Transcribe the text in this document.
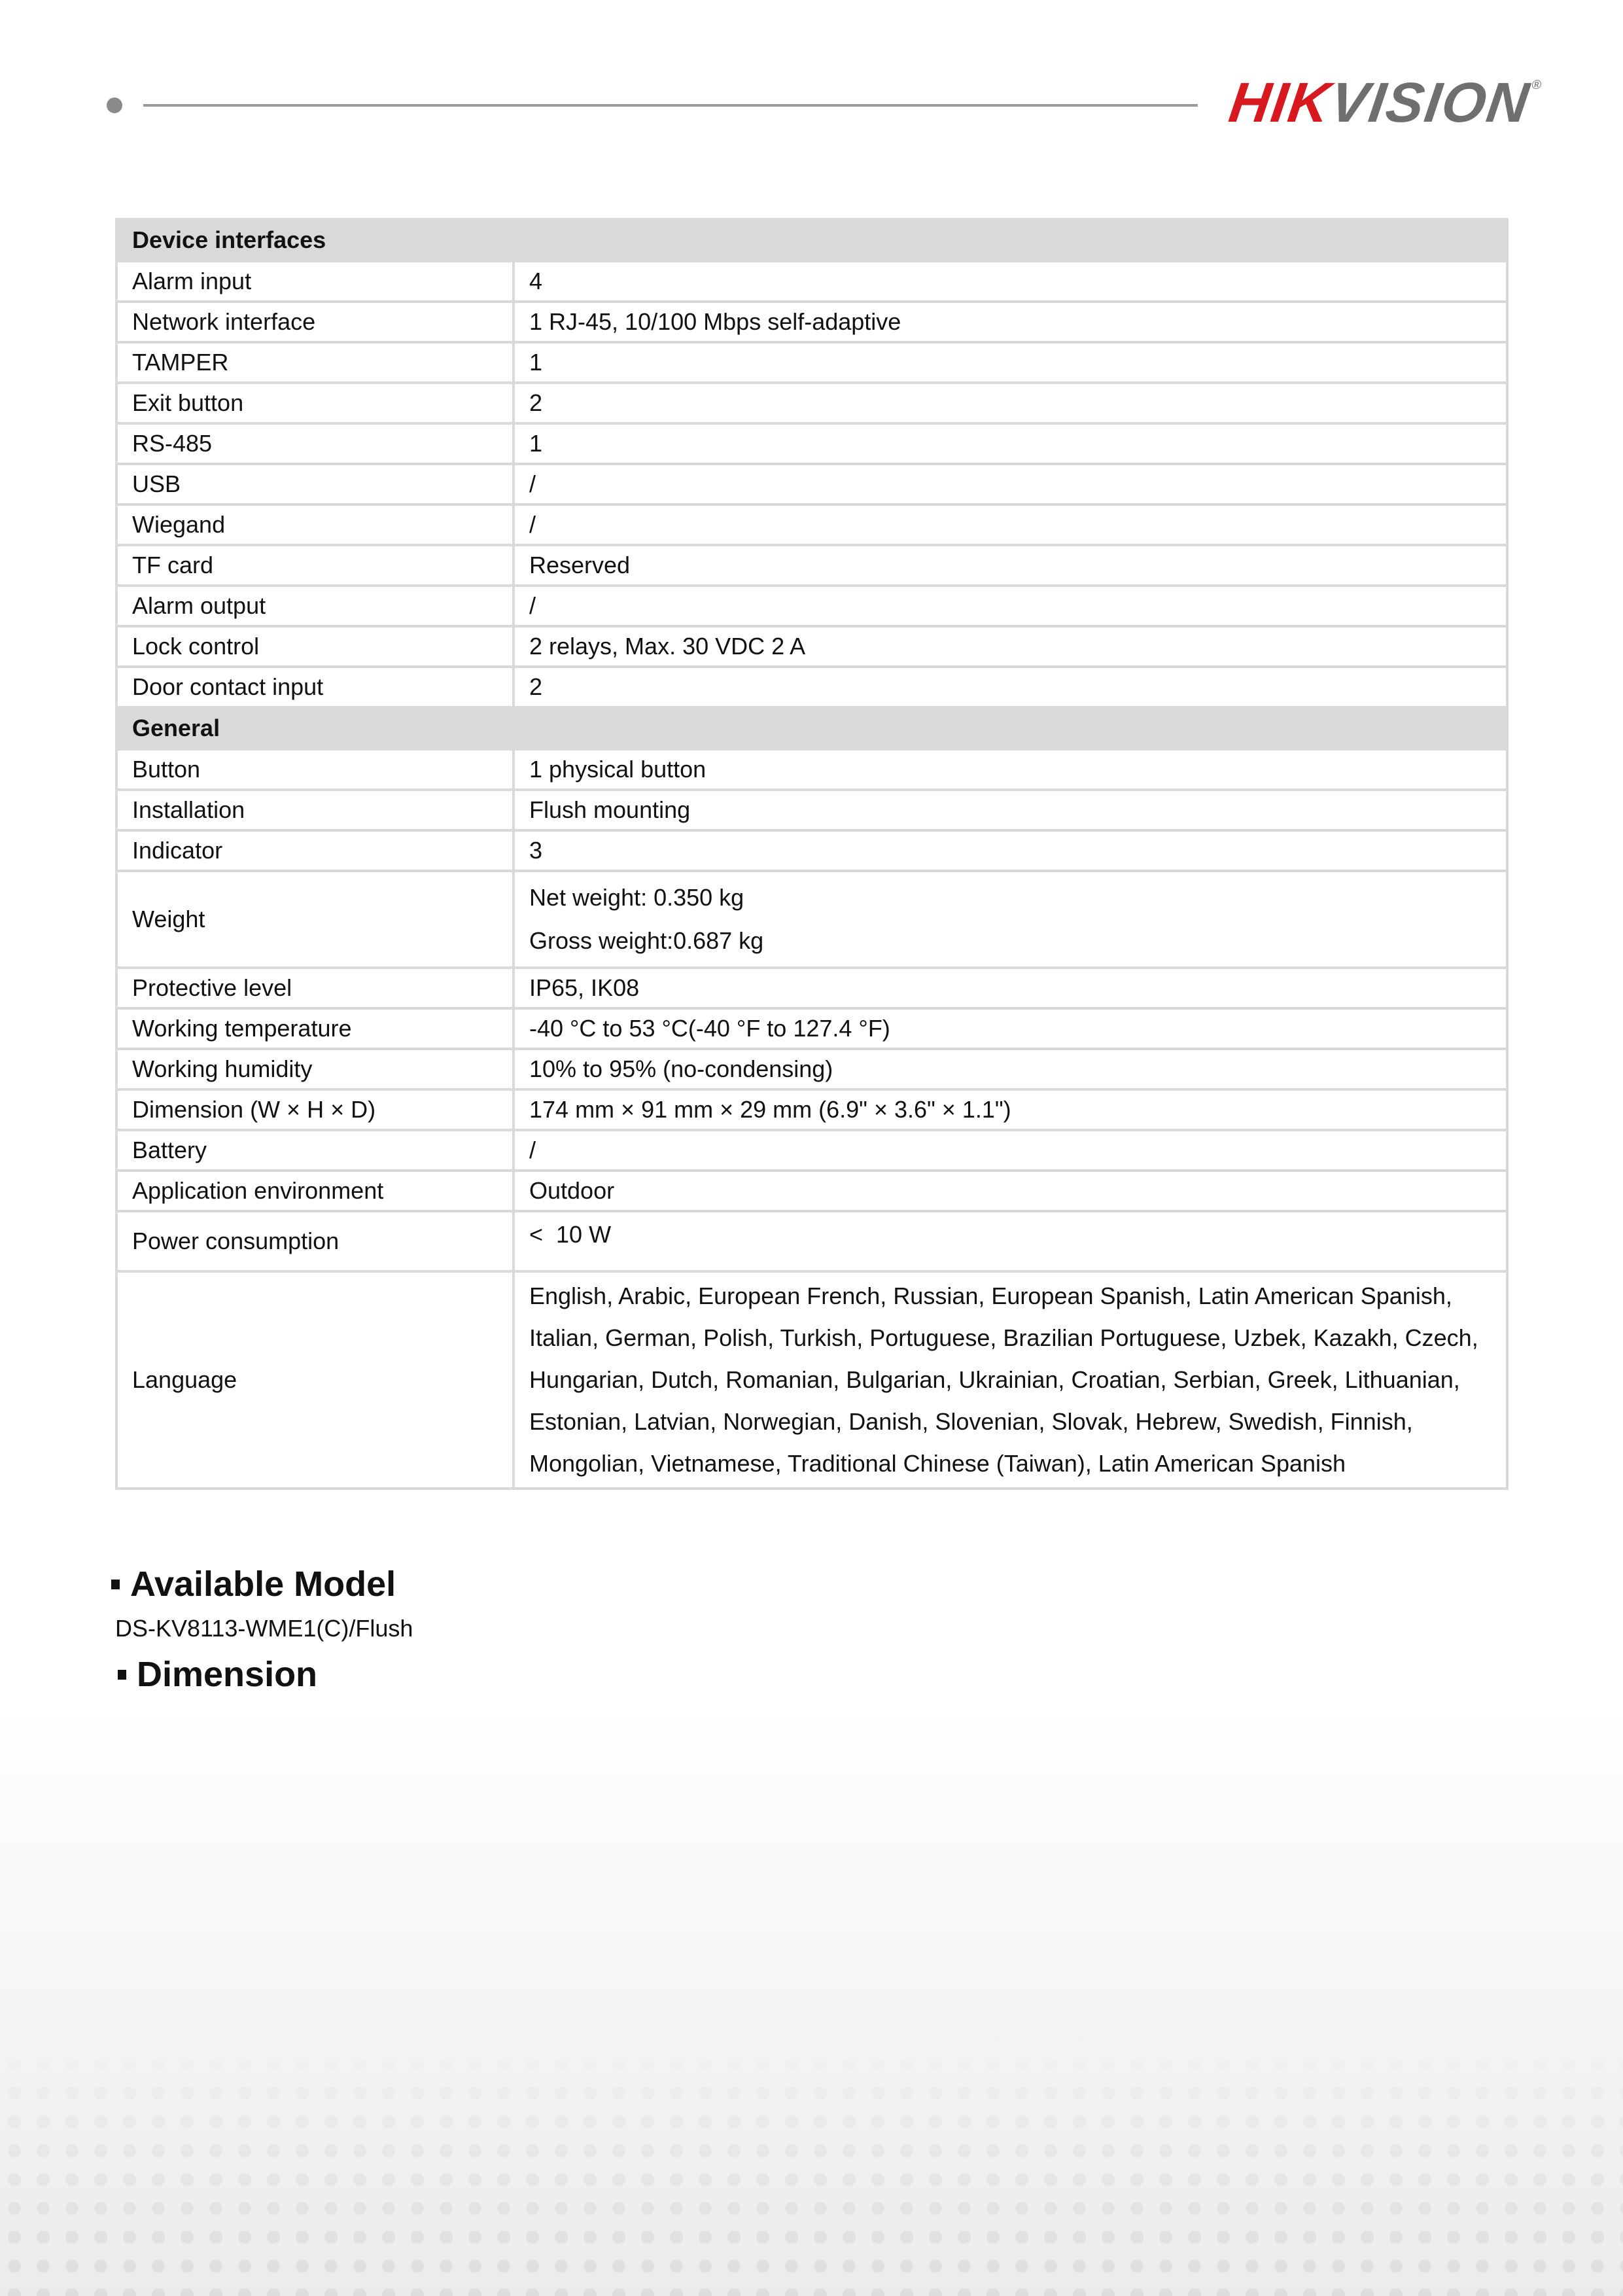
HIKVISION®
Device interfaces	
Alarm input	4
Network interface	1 RJ-45, 10/100 Mbps self-adaptive
TAMPER	1
Exit button	2
RS-485	1
USB	/
Wiegand	/
TF card	Reserved
Alarm output	/
Lock control	2 relays, Max. 30 VDC 2 A
Door contact input	2
General	
Button	1 physical button
Installation	Flush mounting
Indicator	3
Weight	Net weight: 0.350 kg
Gross weight:0.687 kg

Protective level	IP65, IK08
Working temperature	-40 °C to 53 °C(-40 °F to 127.4 °F)
Working humidity	10% to 95% (no-condensing)
Dimension (W × H × D)	174 mm × 91 mm × 29 mm (6.9" × 3.6" × 1.1")
Battery	/
Application environment	Outdoor
Power consumption	<  10 W
Language	English, Arabic, European French, Russian, European Spanish, Latin American Spanish, Italian, German, Polish, Turkish, Portuguese, Brazilian Portuguese, Uzbek, Kazakh, Czech, Hungarian, Dutch, Romanian, Bulgarian, Ukrainian, Croatian, Serbian, Greek, Lithuanian, Estonian, Latvian, Norwegian, Danish, Slovenian, Slovak, Hebrew, Swedish, Finnish, Mongolian, Vietnamese, Traditional Chinese (Taiwan), Latin American Spanish
Available Model
DS-KV8113-WME1(C)/Flush
Dimension
